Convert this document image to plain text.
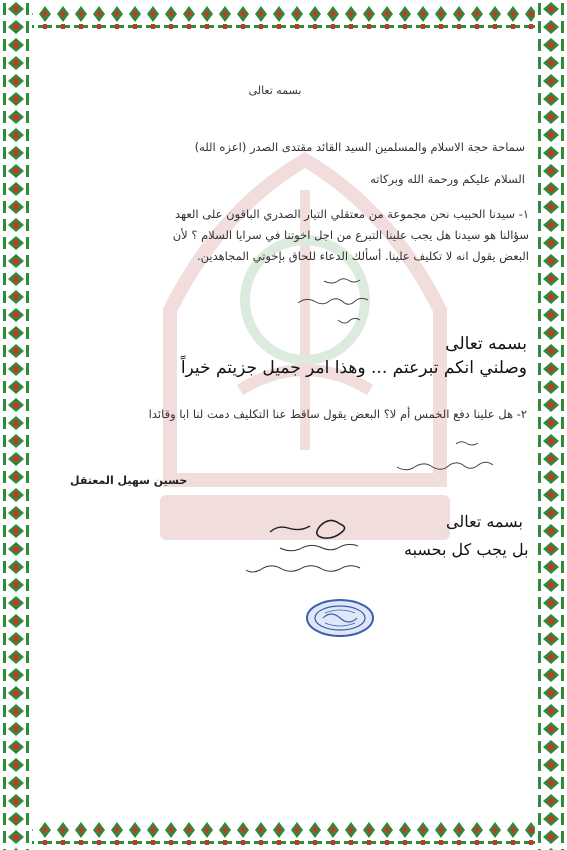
بسمه تعالى
سماحة حجة الاسلام والمسلمين السيد القائد مقتدى الصدر (اعزه الله)
السلام عليكم ورحمة الله وبركاته

١- سيدنا الحبيب نحن مجموعة من معتقلي التيار الصدري الباقون على العهد

سؤالنا هو سيدنا هل يجب علينا التبرع من اجل اخوتنا في سرايا السلام ؟ لأن

البعض يقول انه لا تكليف علينا. أسألك الدعاء للحاق بإخوتي المجاهدين.

بسمه تعالى
وصلني انكم تبرعتم ... وهذا امر جميل جزيتم خيراً
٢- هل علينا دفع الخمس أم لا؟ البعض يقول ساقط عنا التكليف دمت لنا ابا وقائدا
حسين سهيل المعتقل
بسمه تعالى
بل يجب كل بحسبه
